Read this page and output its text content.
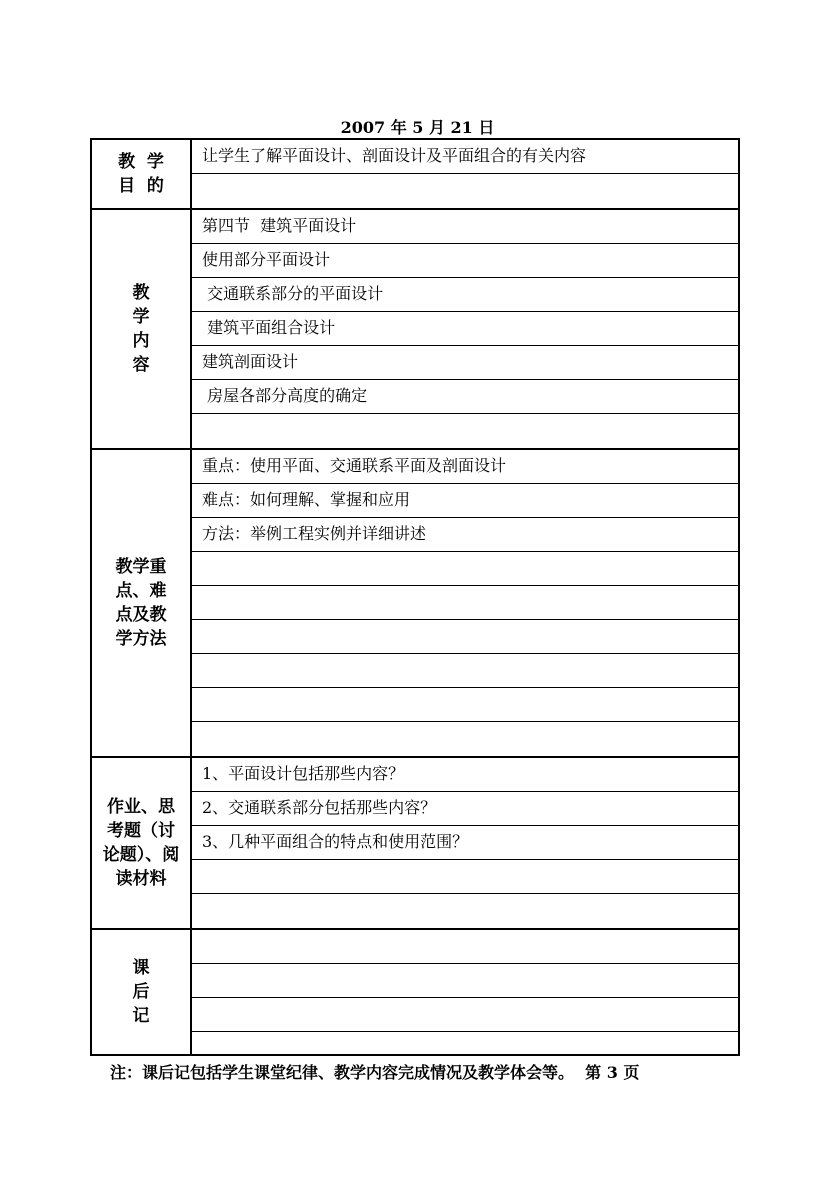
2007 年 5 月 21 日
教  学
目  的
让学生了解平面设计、剖面设计及平面组合的有关内容
教
学
内
容
第四节  建筑平面设计
使用部分平面设计
交通联系部分的平面设计
建筑平面组合设计
建筑剖面设计
房屋各部分高度的确定
教学重
点、难
点及教
学方法
重点：使用平面、交通联系平面及剖面设计
难点：如何理解、掌握和应用
方法：举例工程实例并详细讲述
作业、思
考题（讨
论题）、阅
读材料
1、平面设计包括那些内容？
2、交通联系部分包括那些内容？
3、几种平面组合的特点和使用范围？
课
后
记
注：课后记包括学生课堂纪律、教学内容完成情况及教学体会等。  第 3 页
